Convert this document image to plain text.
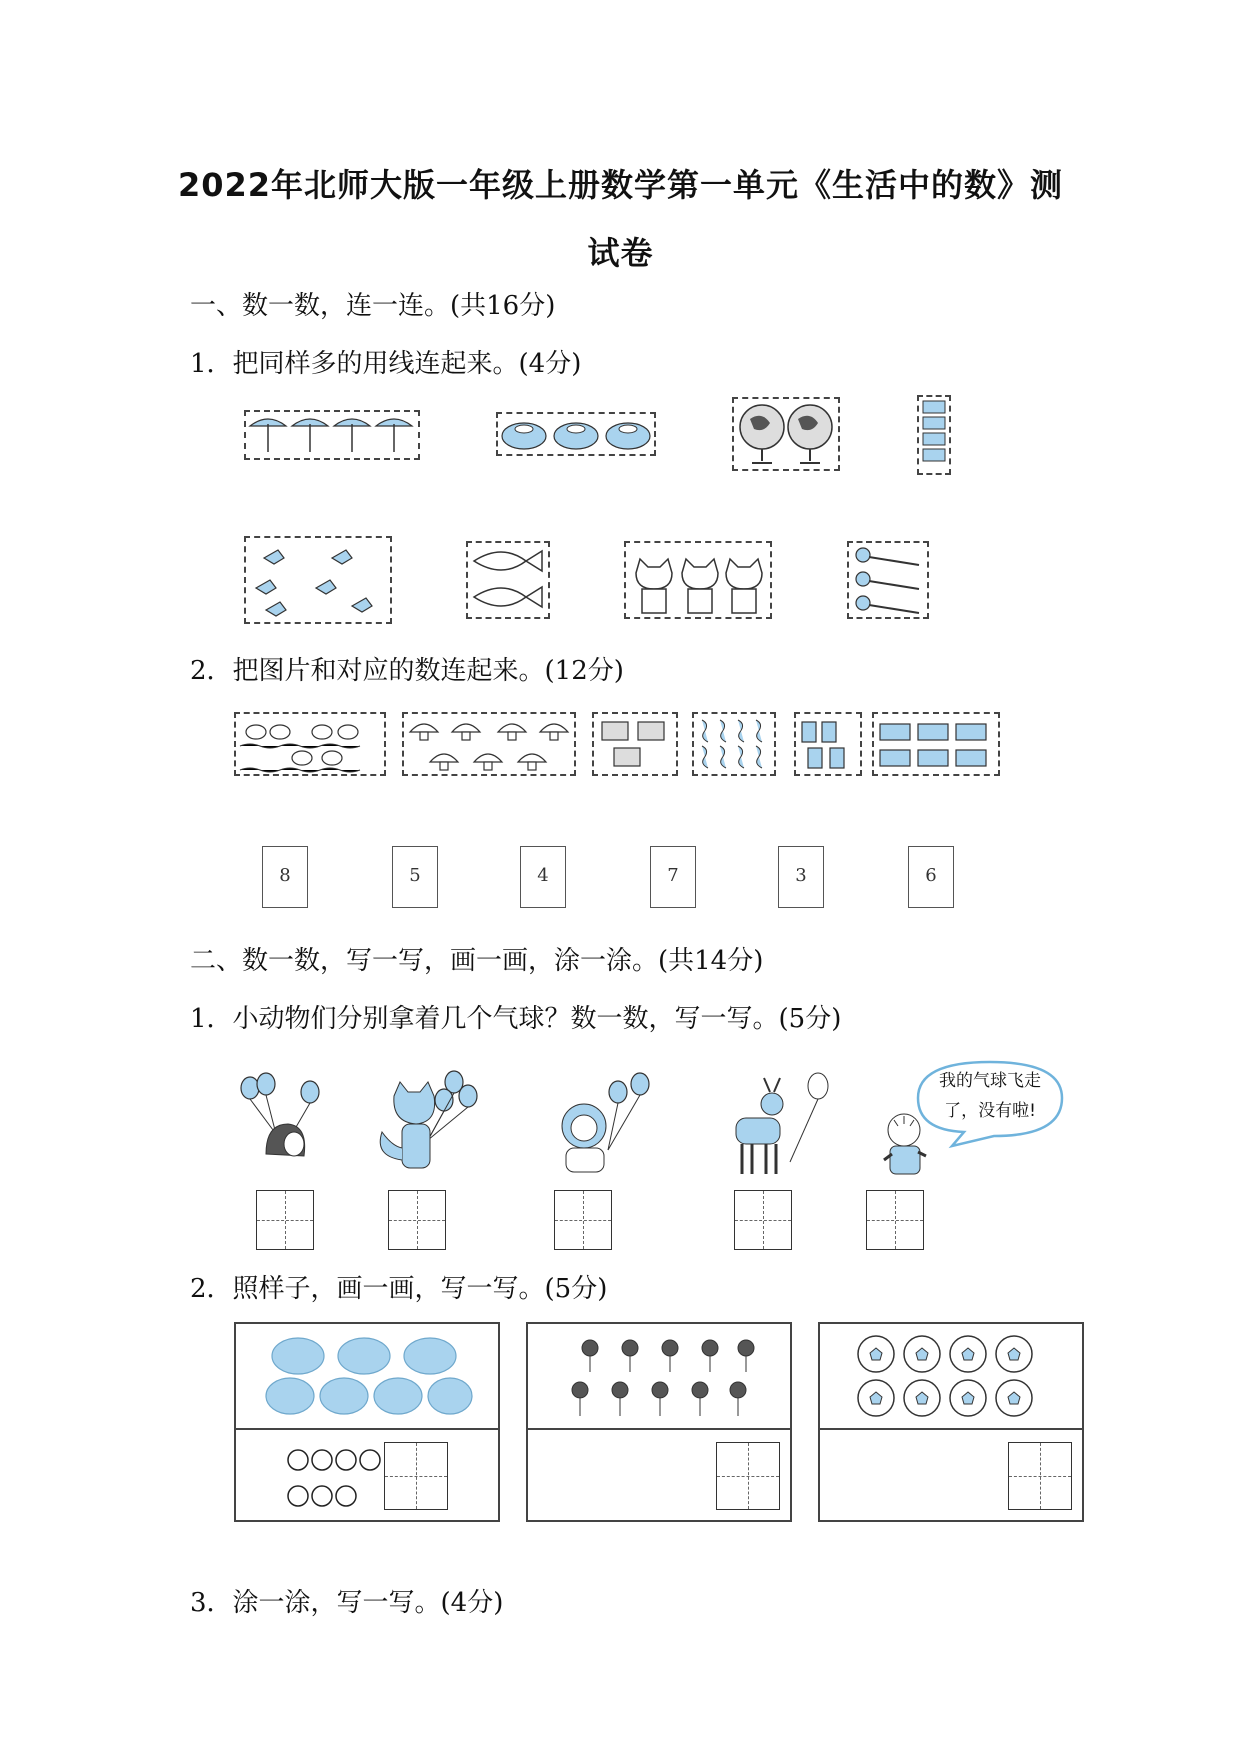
2022年北师大版一年级上册数学第一单元《生活中的数》测
试卷
一、数一数，连一连。(共16分)
1．把同样多的用线连起来。(4分)
2．把图片和对应的数连起来。(12分)
8	5	4	7	3	6
二、数一数，写一写，画一画，涂一涂。(共14分)
1．小动物们分别拿着几个气球？数一数，写一写。(5分)
我的气球飞走
了，没有啦!
2．照样子，画一画，写一写。(5分)
3．涂一涂，写一写。(4分)
